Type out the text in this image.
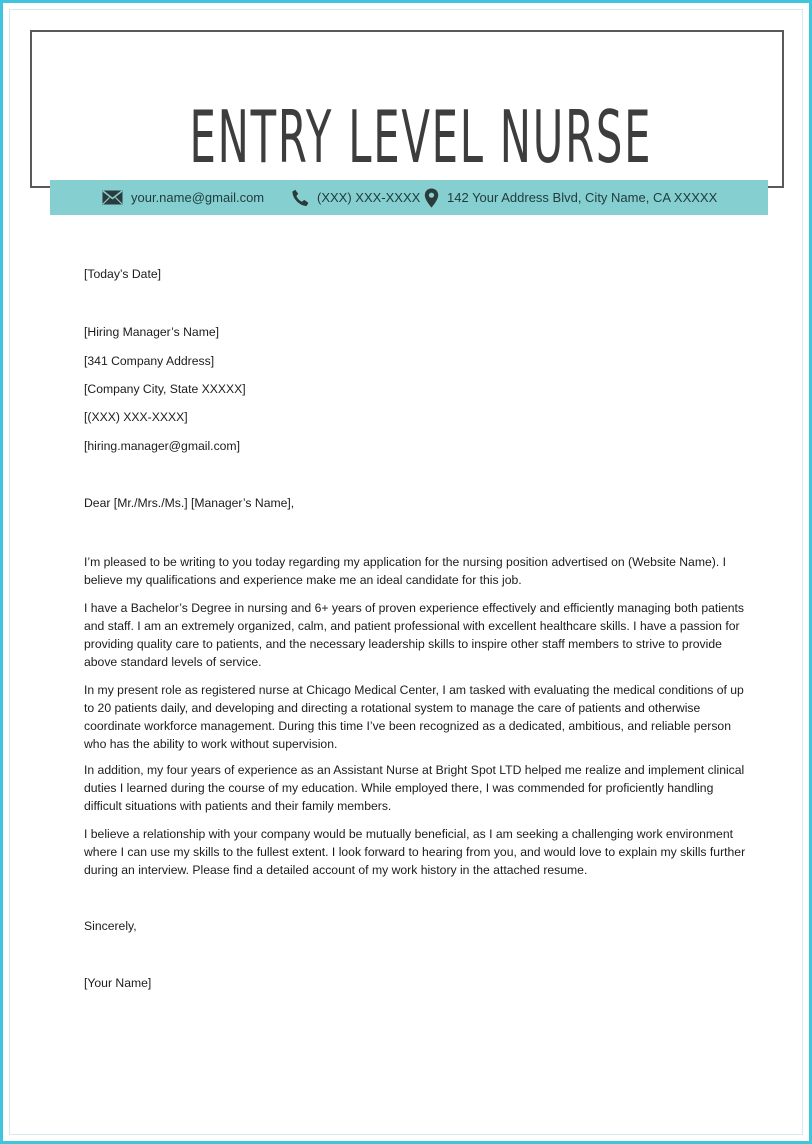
ENTRY LEVEL NURSE
your.name@gmail.com	(XXX) XXX-XXXX 142 Your Address Blvd, City Name, CA XXXXX

[Today’s Date]

[Hiring Manager’s Name]

[341 Company Address]

[Company City, State XXXXX]

[(XXX) XXX-XXXX]

[hiring.manager@gmail.com]

Dear [Mr./Mrs./Ms.] [Manager’s Name],

I’m pleased to be writing to you today regarding my application for the nursing position advertised on (Website Name). I believe my qualifications and experience make me an ideal candidate for this job.

I have a Bachelor’s Degree in nursing and 6+ years of proven experience effectively and efficiently managing both patients and staff. I am an extremely organized, calm, and patient professional with excellent healthcare skills. I have a passion for providing quality care to patients, and the necessary leadership skills to inspire other staff members to strive to provide above standard levels of service.

In my present role as registered nurse at Chicago Medical Center, I am tasked with evaluating the medical conditions of up to 20 patients daily, and developing and directing a rotational system to manage the care of patients and otherwise coordinate workforce management. During this time I’ve been recognized as a dedicated, ambitious, and reliable person who has the ability to work without supervision.

In addition, my four years of experience as an Assistant Nurse at Bright Spot LTD helped me realize and implement clinical duties I learned during the course of my education. While employed there, I was commended for proficiently handling difficult situations with patients and their family members.

I believe a relationship with your company would be mutually beneficial, as I am seeking a challenging work environment where I can use my skills to the fullest extent. I look forward to hearing from you, and would love to explain my skills further during an interview. Please find a detailed account of my work history in the attached resume.

Sincerely,

[Your Name]
